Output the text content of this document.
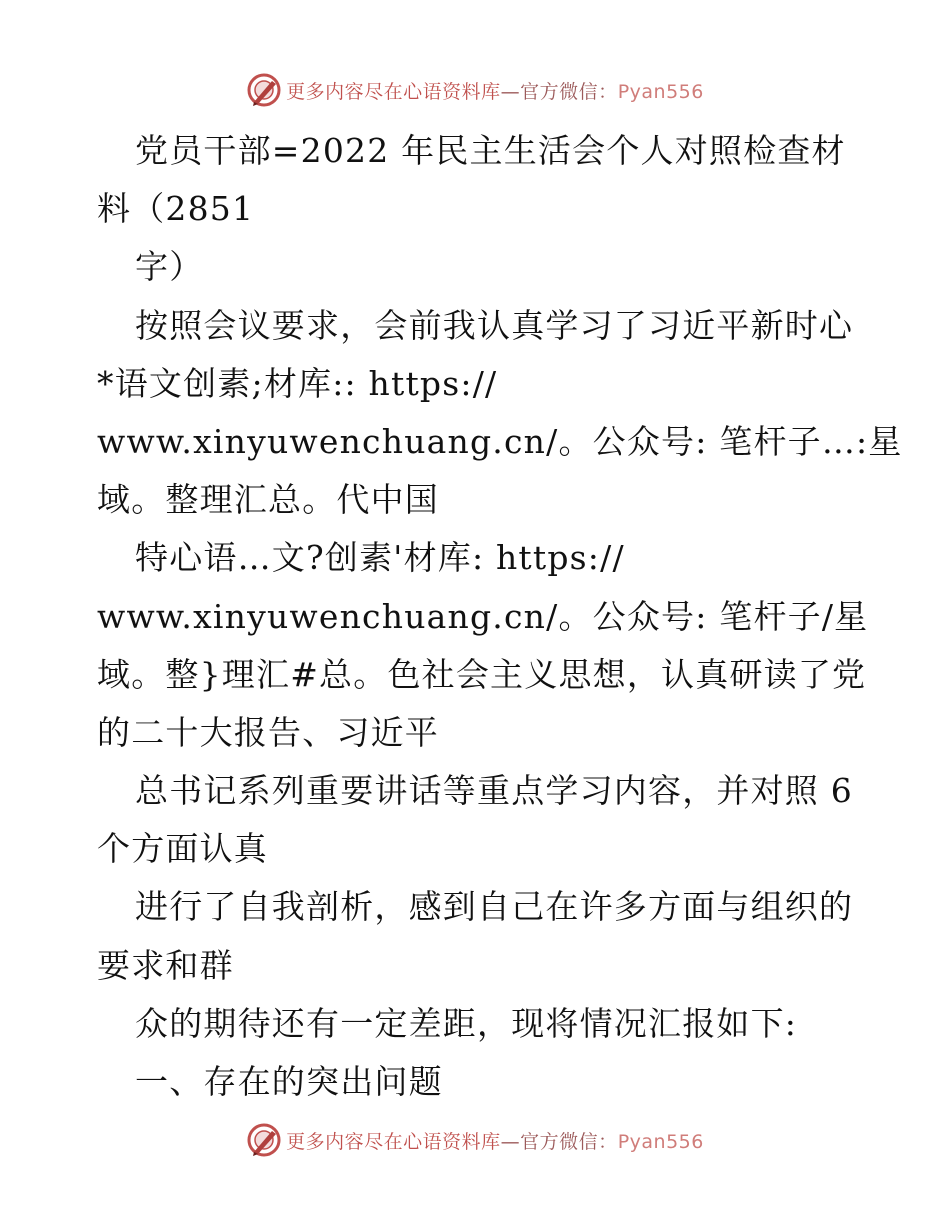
更多内容尽在心语资料库—官方微信：Pyan556
党员干部=2022 年民主生活会个人对照检查材
料（2851
字）
按照会议要求，会前我认真学习了习近平新时心
*语文创素;材库:: https://
www.xinyuwenchuang.cn/。公众号: 笔杆子…:星
域。整理汇总。代中国
特心语…文?创素'材库: https://
www.xinyuwenchuang.cn/。公众号: 笔杆子/星
域。整}理汇#总。色社会主义思想，认真研读了党
的二十大报告、习近平
总书记系列重要讲话等重点学习内容，并对照 6
个方面认真
进行了自我剖析，感到自己在许多方面与组织的
要求和群
众的期待还有一定差距，现将情况汇报如下:
一、存在的突出问题
更多内容尽在心语资料库—官方微信：Pyan556
